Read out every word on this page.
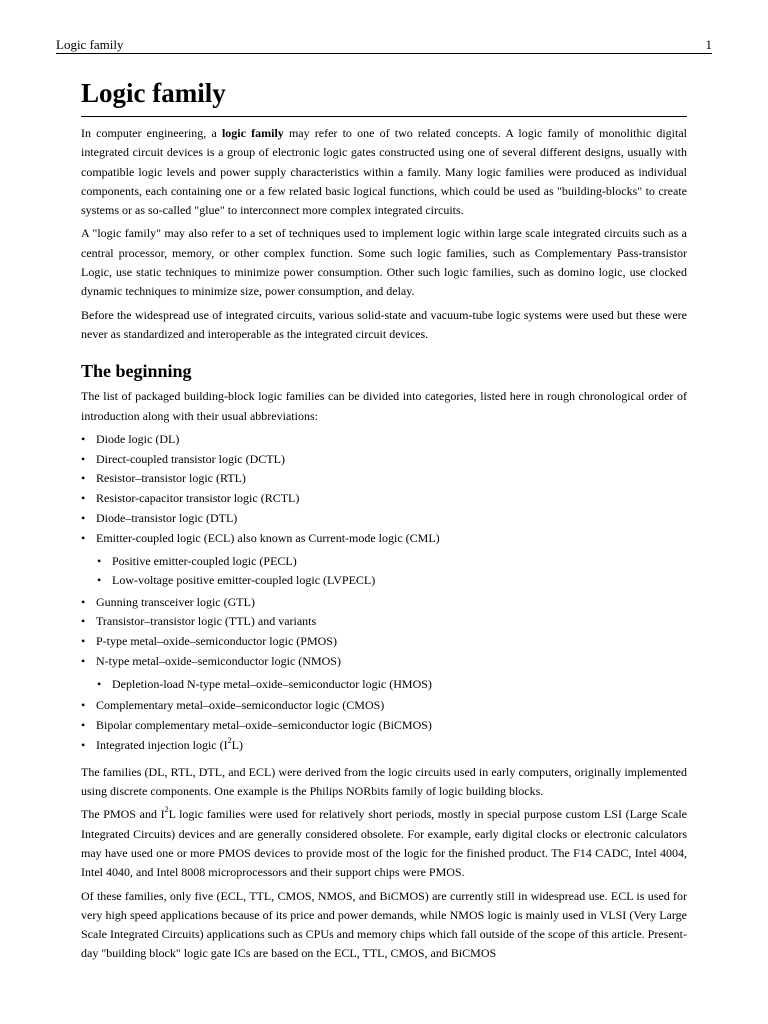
Logic family	1
Logic family

In computer engineering, a logic family may refer to one of two related concepts. A logic family of monolithic digital integrated circuit devices is a group of electronic logic gates constructed using one of several different designs, usually with compatible logic levels and power supply characteristics within a family. Many logic families were produced as individual components, each containing one or a few related basic logical functions, which could be used as "building-blocks" to create systems or as so-called "glue" to interconnect more complex integrated circuits.

A "logic family" may also refer to a set of techniques used to implement logic within large scale integrated circuits such as a central processor, memory, or other complex function. Some such logic families, such as Complementary Pass-transistor Logic, use static techniques to minimize power consumption. Other such logic families, such as domino logic, use clocked dynamic techniques to minimize size, power consumption, and delay.

Before the widespread use of integrated circuits, various solid-state and vacuum-tube logic systems were used but these were never as standardized and interoperable as the integrated circuit devices.

The beginning

The list of packaged building-block logic families can be divided into categories, listed here in rough chronological order of introduction along with their usual abbreviations:

• Diode logic (DL)
• Direct-coupled transistor logic (DCTL)
• Resistor–transistor logic (RTL)
• Resistor-capacitor transistor logic (RCTL)
• Diode–transistor logic (DTL)
• Emitter-coupled logic (ECL) also known as Current-mode logic (CML)
• Positive emitter-coupled logic (PECL)
• Low-voltage positive emitter-coupled logic (LVPECL)
• Gunning transceiver logic (GTL)
• Transistor–transistor logic (TTL) and variants
• P-type metal–oxide–semiconductor logic (PMOS)
• N-type metal–oxide–semiconductor logic (NMOS)
• Depletion-load N-type metal–oxide–semiconductor logic (HMOS)
• Complementary metal–oxide–semiconductor logic (CMOS)
• Bipolar complementary metal–oxide–semiconductor logic (BiCMOS)
• Integrated injection logic $(I^2L)$

The families (DL, RTL, DTL, and ECL) were derived from the logic circuits used in early computers, originally implemented using discrete components. One example is the Philips NORbits family of logic building blocks.

The PMOS and $I^2L$ logic families were used for relatively short periods, mostly in special purpose custom LSI (Large Scale Integrated Circuits) devices and are generally considered obsolete. For example, early digital clocks or electronic calculators may have used one or more PMOS devices to provide most of the logic for the finished product. The F14 CADC, Intel 4004, Intel 4040, and Intel 8008 microprocessors and their support chips were PMOS.

Of these families, only five (ECL, TTL, CMOS, NMOS, and BiCMOS) are currently still in widespread use. ECL is used for very high speed applications because of its price and power demands, while NMOS logic is mainly used in VLSI (Very Large Scale Integrated Circuits) applications such as CPUs and memory chips which fall outside of the scope of this article. Present-day "building block" logic gate ICs are based on the ECL, TTL, CMOS, and BiCMOS
